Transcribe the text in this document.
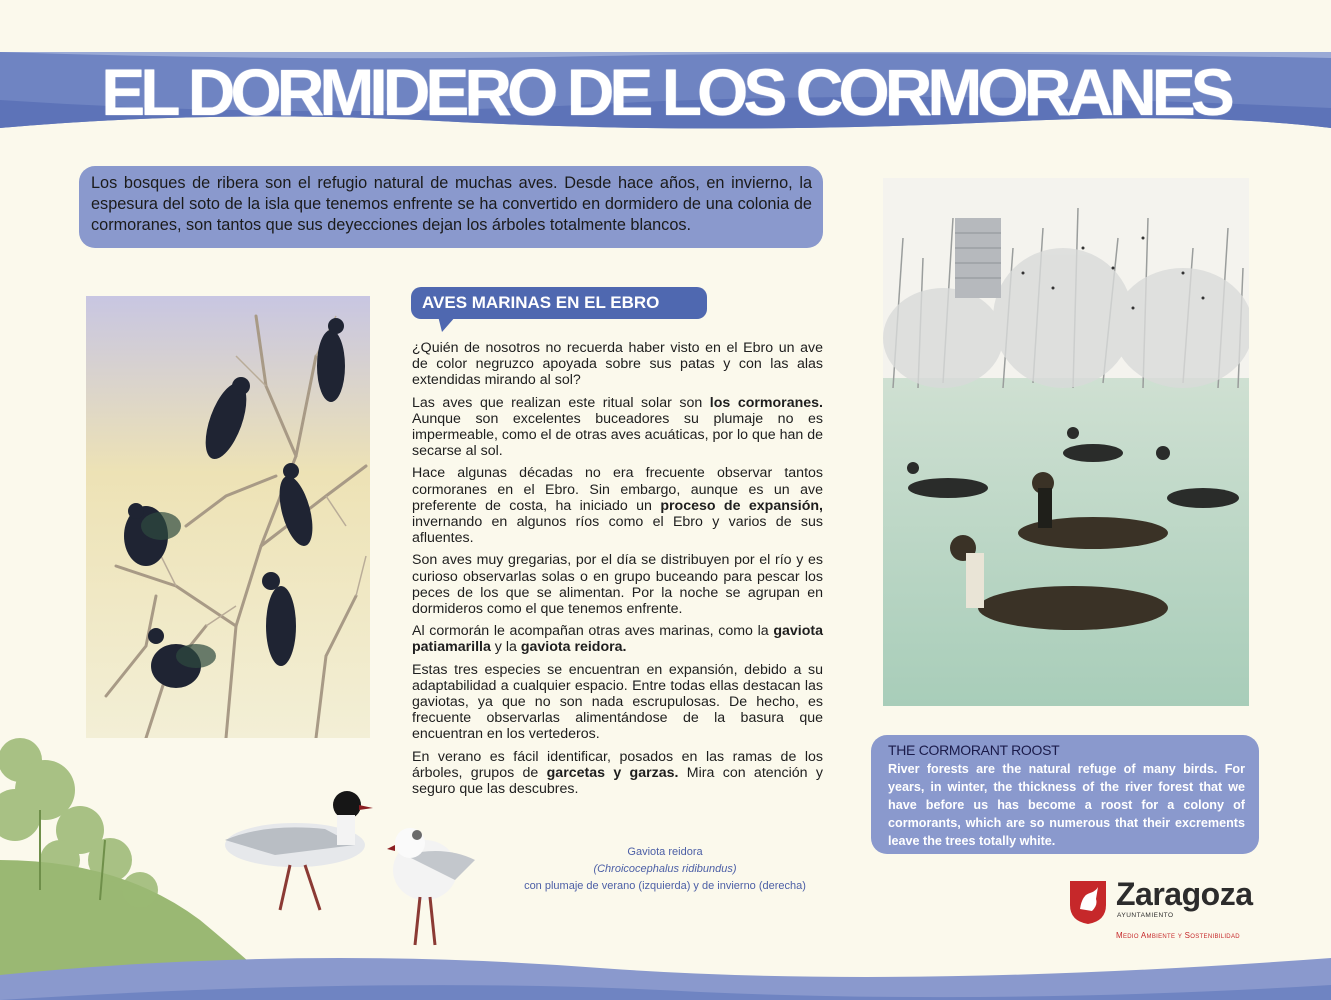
EL DORMIDERO DE LOS CORMORANES
Los bosques de ribera son el refugio natural de muchas aves. Desde hace años, en invierno, la espesura del soto de la isla que tenemos enfrente se ha convertido en dormidero de una colonia de cormoranes, son tantos que sus deyecciones dejan los árboles totalmente blancos.
AVES MARINAS EN EL EBRO

¿Quién de nosotros no recuerda haber visto en el Ebro un ave de color negruzco apoyada sobre sus patas y con las alas extendidas mirando al sol?

Las aves que realizan este ritual solar son los cormoranes. Aunque son excelentes buceadores su plumaje no es impermeable, como el de otras aves acuáticas, por lo que han de secarse al sol.

Hace algunas décadas no era frecuente observar tantos cormoranes en el Ebro. Sin embargo, aunque es un ave preferente de costa, ha iniciado un proceso de expansión, invernando en algunos ríos como el Ebro y varios de sus afluentes.

Son aves muy gregarias, por el día se distribuyen por el río y es curioso observarlas solas o en grupo buceando para pescar los peces de los que se alimentan. Por la noche se agrupan en dormideros como el que tenemos enfrente.

Al cormorán le acompañan otras aves marinas, como la gaviota patiamarilla y la gaviota reidora.

Estas tres especies se encuentran en expansión, debido a su adaptabilidad a cualquier espacio. Entre todas ellas destacan las gaviotas, ya que no son nada escrupulosas. De hecho, es frecuente observarlas alimentándose de la basura que encuentran en los vertederos.

En verano es fácil identificar, posados en las ramas de los árboles, grupos de garcetas y garzas. Mira con atención y seguro que las descubres.

Gaviota reidora
(Chroicocephalus ridibundus)
con plumaje de verano (izquierda) y de invierno (derecha)
THE CORMORANT ROOST

River forests are the natural refuge of many birds. For years, in winter, the thickness of the river forest that we have before us has become a roost for a colony of cormorants, which are so numerous that their excrements leave the trees totally white.

Zaragoza
AYUNTAMIENTO
Medio Ambiente y Sostenibilidad
